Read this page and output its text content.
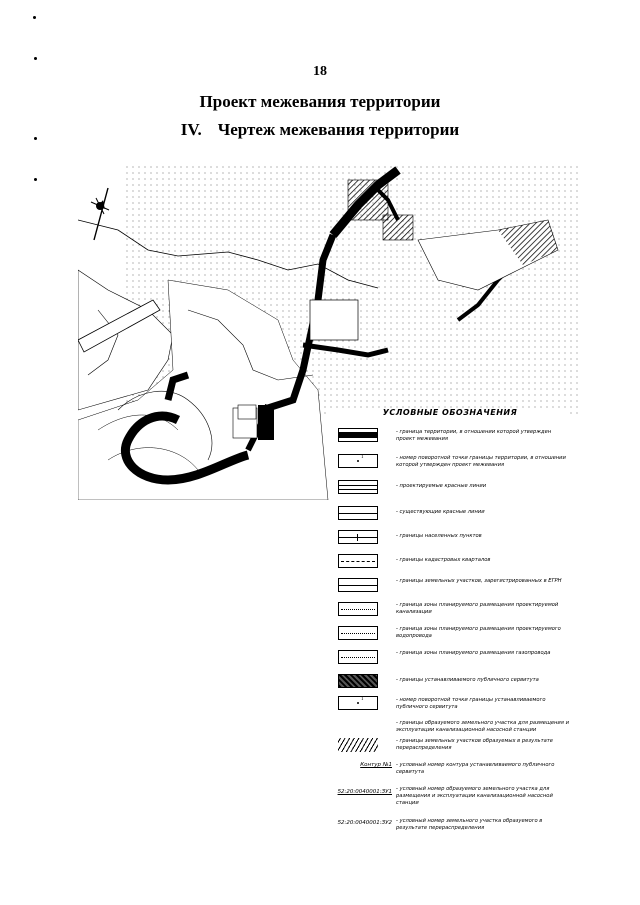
18
Проект межевания территории
IV. Чертеж межевания территории
УСЛОВНЫЕ ОБОЗНАЧЕНИЯ
- граница территории, в отношении которой утвержден проект межевания
1	- номер поворотной точки границы территории, в отношении которой утвержден проект межевания
- проектируемые красные линии
- существующие красные линии
- границы населенных пунктов
- границы кадастровых кварталов
- границы земельных участков, зарегистрированных в ЕГРН
- граница зоны планируемого размещения проектируемой канализации
- граница зоны планируемого размещения проектируемого водопровода
- граница зоны планируемого размещения газопровода
- границы устанавливаемого публичного сервитута
1	- номер поворотной точки границы устанавливаемого публичного сервитута
- границы образуемого земельного участка для размещения и эксплуатации канализационной насосной станции
- границы земельных участков образуемых в результате перераспределения
Контур №1 - условный номер контура устанавливаемого публичного сервитута
52:20:0040001:ЗУ1 - условный номер образуемого земельного участка для размещения и эксплуатации канализационной насосной станции
52:20:0040001:ЗУ2 - условный номер земельного участка образуемого в результате перераспределения
